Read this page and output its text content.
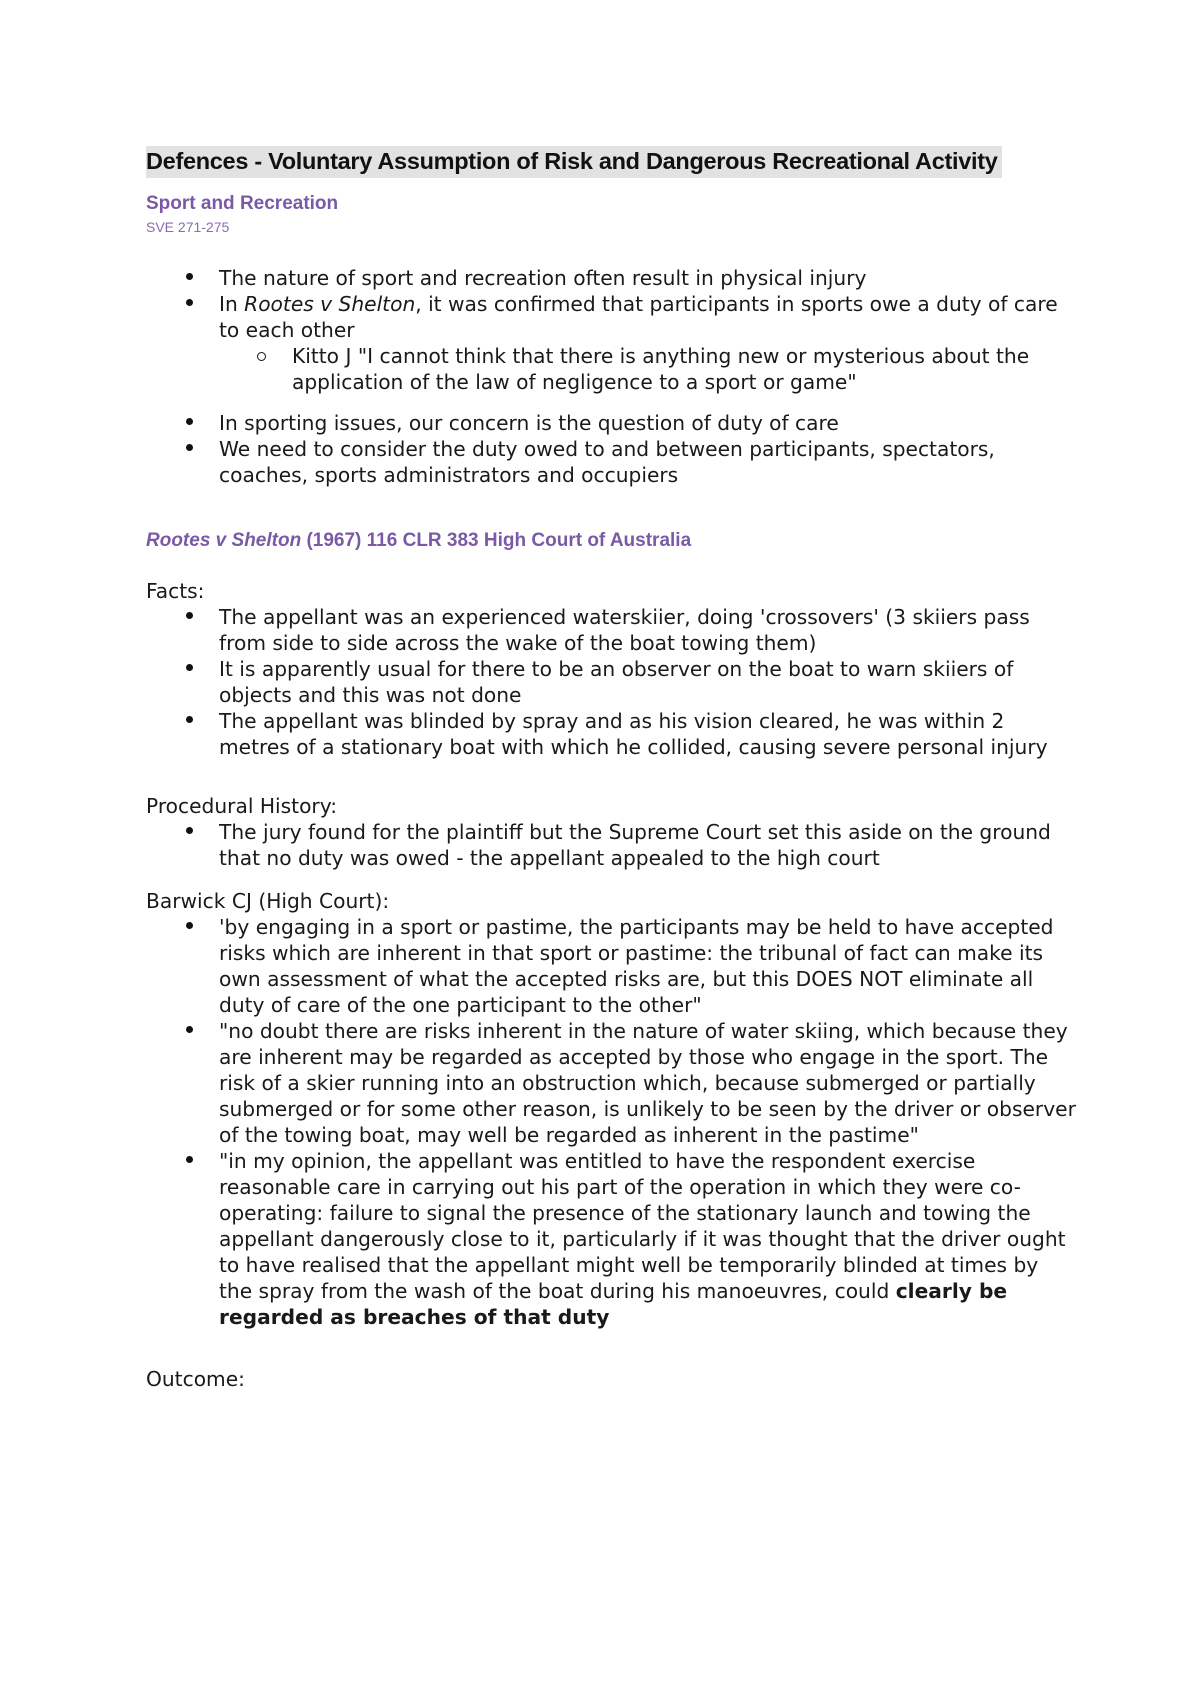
Defences - Voluntary Assumption of Risk and Dangerous Recreational Activity
Sport and Recreation
SVE 271-275
The nature of sport and recreation often result in physical injury
In Rootes v Shelton, it was confirmed that participants in sports owe a duty of care to each other
Kitto J "I cannot think that there is anything new or mysterious about the application of the law of negligence to a sport or game"
In sporting issues, our concern is the question of duty of care
We need to consider the duty owed to and between participants, spectators, coaches, sports administrators and occupiers
Rootes v Shelton (1967) 116 CLR 383 High Court of Australia
Facts:
The appellant was an experienced waterskiier, doing 'crossovers' (3 skiiers pass from side to side across the wake of the boat towing them)
It is apparently usual for there to be an observer on the boat to warn skiiers of objects and this was not done
The appellant was blinded by spray and as his vision cleared, he was within 2 metres of a stationary boat with which he collided, causing severe personal injury
Procedural History:
The jury found for the plaintiff but the Supreme Court set this aside on the ground that no duty was owed - the appellant appealed to the high court
Barwick CJ (High Court):
'by engaging in a sport or pastime, the participants may be held to have accepted risks which are inherent in that sport or pastime: the tribunal of fact can make its own assessment of what the accepted risks are, but this DOES NOT eliminate all duty of care of the one participant to the other"
"no doubt there are risks inherent in the nature of water skiing, which because they are inherent may be regarded as accepted by those who engage in the sport. The risk of a skier running into an obstruction which, because submerged or partially submerged or for some other reason, is unlikely to be seen by the driver or observer of the towing boat, may well be regarded as inherent in the pastime"
"in my opinion, the appellant was entitled to have the respondent exercise reasonable care in carrying out his part of the operation in which they were co-operating: failure to signal the presence of the stationary launch and towing the appellant dangerously close to it, particularly if it was thought that the driver ought to have realised that the appellant might well be temporarily blinded at times by the spray from the wash of the boat during his manoeuvres, could clearly be regarded as breaches of that duty
Outcome:
